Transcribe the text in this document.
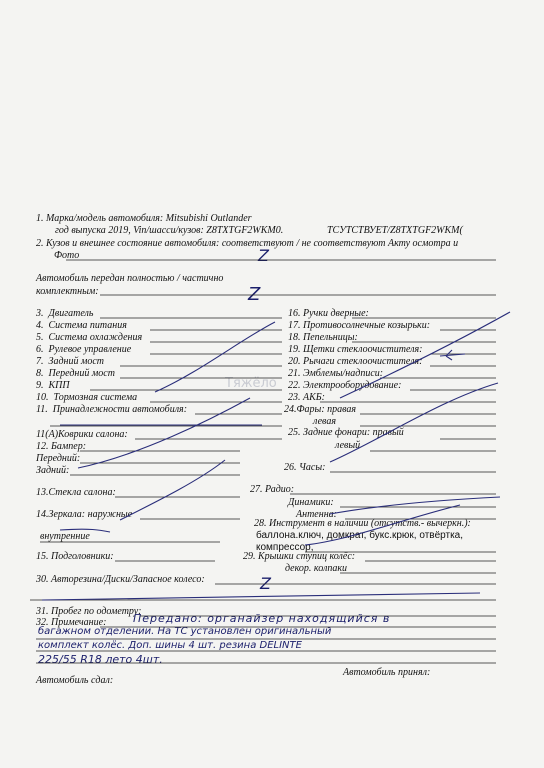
1. Марка/модель автомобиля: Mitsubishi Outlander
год выпуска 2019, Vin/шасси/кузов: Z8TXTGF2WKM0.	ТСУТСТВУЕТ/Z8TXTGF2WKM(
2. Кузов и внешнее состояние автомобиля: соответствуют / не соответствуют Акту осмотра и
Фото
Автомобиль передан полностью / частично
комплектным:
3. Двигатель
4. Система питания
5. Система охлаждения
6. Рулевое управление
7. Задний мост
8. Передний мост
9. КПП
10. Тормозная система
11. Принадлежности автомобиля:
16. Ручки дверные:
17. Противосолнечные козырьки:
18. Пепельницы:
19. Щетки стеклоочистителя:
20. Рычаги стеклоочистителя:
21. Эмблемы/надписи:
22. Электрооборудование:
23. АКБ:
24.Фары: правая
левая
11(А)Коврики салона:	25. Задние фонари: правый
левый
12. Бампер:
Передний:
Задний:	26. Часы:
13.Стекла салона:	27. Радио:
Динамики:
Антенна:
14.Зеркала: наружные
внутренние
28. Инструмент в наличии (отсутств.- вычеркн.):
баллона.ключ, домкрат, букс.крюк, отвёртка,
компрессор,
15. Подголовники:	29. Крышки ступиц колёс:
декор. колпаки
30. Авторезина/Диски/Запасное колесо:
31. Пробег по одометру:
32. Примечание: Передано: органайзер находящийся в
багажном отделении. На ТС установлен оригинальный
комплект колёс. Доп. шины 4 шт. резина DELINTE
225/55 R18 лето 4шт.
Автомобиль сдал:
Автомобиль принял:
Z
Z
Z
Тяжёло
